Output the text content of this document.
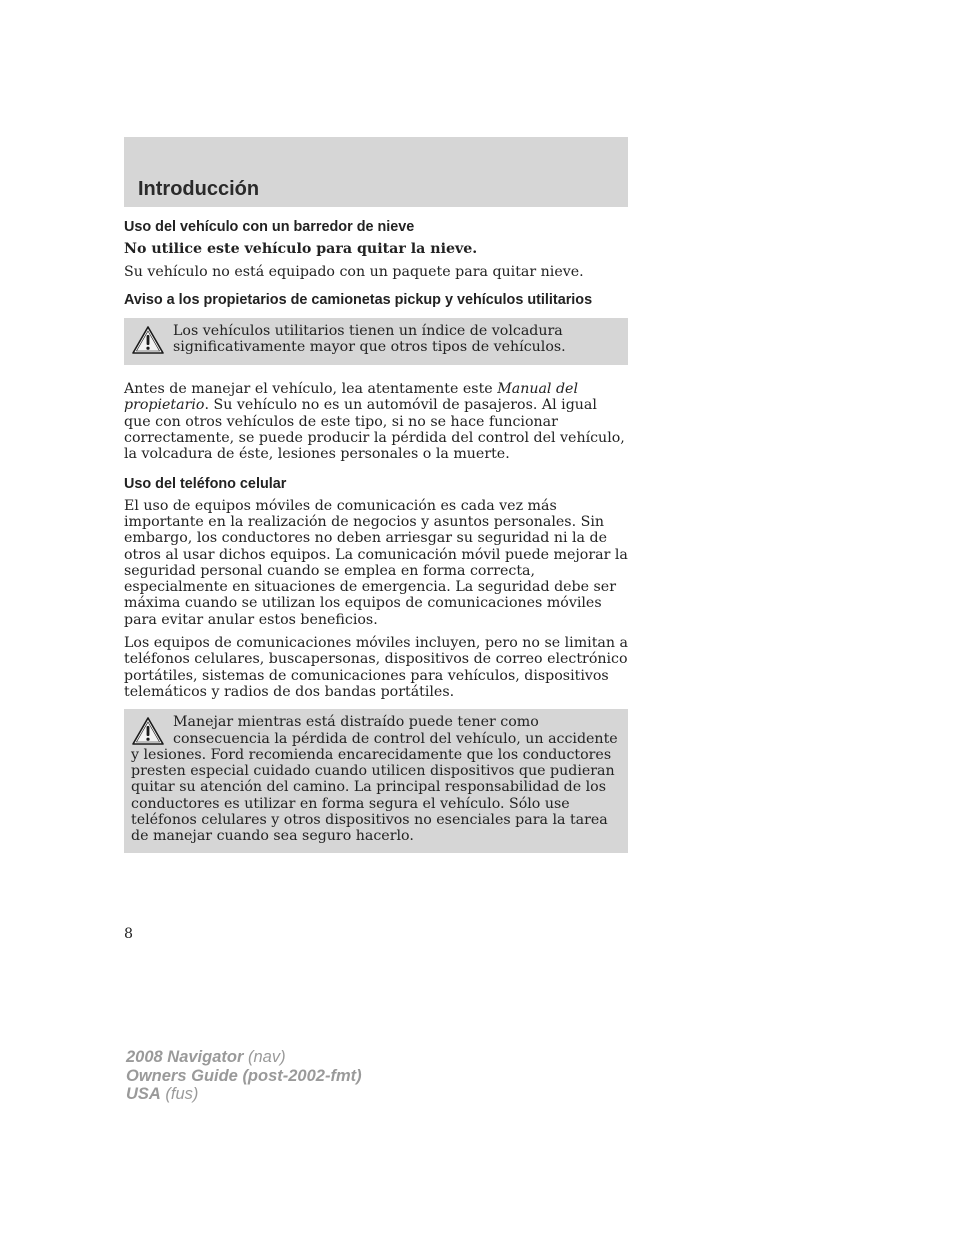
Introducción
Uso del vehículo con un barredor de nieve

No utilice este vehículo para quitar la nieve.

Su vehículo no está equipado con un paquete para quitar nieve.

Aviso a los propietarios de camionetas pickup y vehículos utilitarios

Los vehículos utilitarios tienen un índice de volcadura significativamente mayor que otros tipos de vehículos.

Antes de manejar el vehículo, lea atentamente este Manual del propietario. Su vehículo no es un automóvil de pasajeros. Al igual que con otros vehículos de este tipo, si no se hace funcionar correctamente, se puede producir la pérdida del control del vehículo, la volcadura de éste, lesiones personales o la muerte.

Uso del teléfono celular

El uso de equipos móviles de comunicación es cada vez más importante en la realización de negocios y asuntos personales. Sin embargo, los conductores no deben arriesgar su seguridad ni la de otros al usar dichos equipos. La comunicación móvil puede mejorar la seguridad personal cuando se emplea en forma correcta, especialmente en situaciones de emergencia. La seguridad debe ser máxima cuando se utilizan los equipos de comunicaciones móviles para evitar anular estos beneficios.

Los equipos de comunicaciones móviles incluyen, pero no se limitan a teléfonos celulares, buscapersonas, dispositivos de correo electrónico portátiles, sistemas de comunicaciones para vehículos, dispositivos telemáticos y radios de dos bandas portátiles.

Manejar mientras está distraído puede tener como consecuencia la pérdida de control del vehículo, un accidente y lesiones. Ford recomienda encarecidamente que los conductores presten especial cuidado cuando utilicen dispositivos que pudieran quitar su atención del camino. La principal responsabilidad de los conductores es utilizar en forma segura el vehículo. Sólo use teléfonos celulares y otros dispositivos no esenciales para la tarea de manejar cuando sea seguro hacerlo.

8
2008 Navigator (nav)
Owners Guide (post-2002-fmt)
USA (fus)
